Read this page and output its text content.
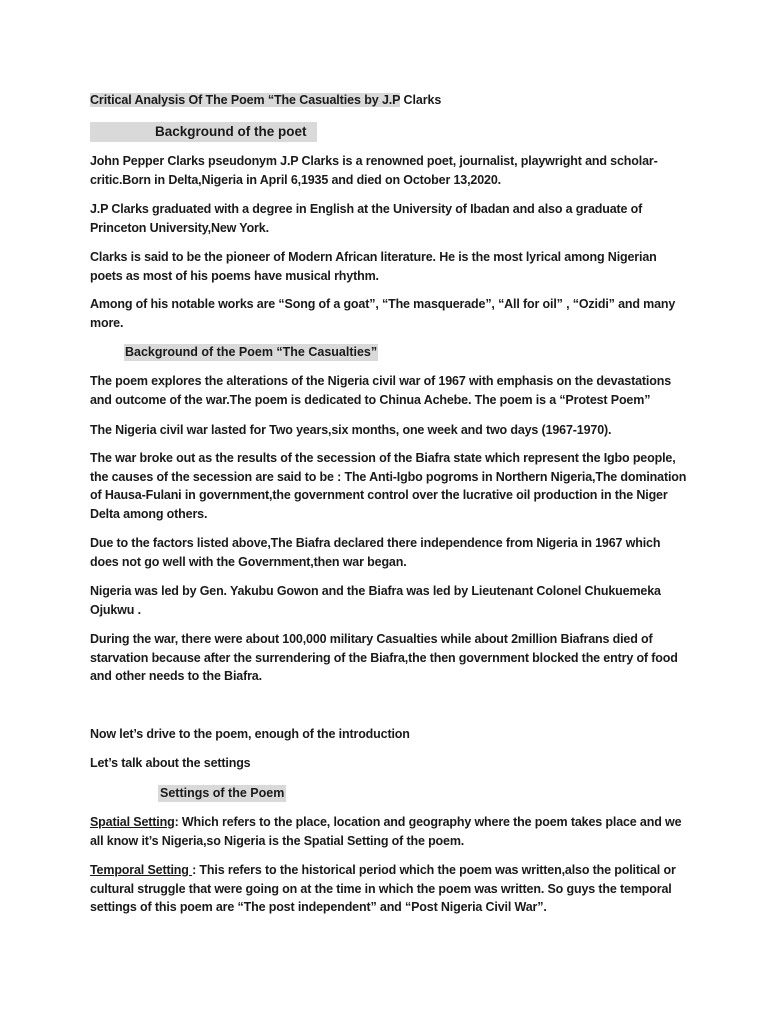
Critical Analysis Of The Poem “The Casualties by J.P Clarks
Background of the poet

John Pepper Clarks pseudonym J.P Clarks is a renowned poet, journalist, playwright and scholar-critic.Born in Delta,Nigeria in April 6,1935 and died on October 13,2020.

J.P Clarks graduated with a degree in English at the University of Ibadan and also a graduate of Princeton University,New York.

Clarks is said to be the pioneer of Modern African literature. He is the most lyrical among Nigerian poets as most of his poems have musical rhythm.

Among of his notable works are “Song of a goat”, “The masquerade”, “All for oil” , “Ozidi” and many more.

Background of the Poem “The Casualties”

The poem explores the alterations of the Nigeria civil war of 1967 with emphasis on the devastations and outcome of the war.The poem is dedicated to Chinua Achebe. The poem is a “Protest Poem”

The Nigeria civil war lasted for Two years,six months, one week and two days (1967-1970).

The war broke out as the results of the secession of the Biafra state which represent the Igbo people, the causes of the secession are said to be : The Anti-Igbo pogroms in Northern Nigeria,The domination of Hausa-Fulani in government,the government control over the lucrative oil production in the Niger Delta among others.

Due to the factors listed above,The Biafra declared there independence from Nigeria in 1967 which does not go well with the Government,then war began.

Nigeria was led by Gen. Yakubu Gowon and the Biafra was led by Lieutenant Colonel Chukuemeka Ojukwu .

During the war, there were about 100,000 military Casualties while about 2million Biafrans died of starvation because after the surrendering of the Biafra,the then government blocked the entry of food and other needs to the Biafra.

Now let’s drive to the poem, enough of the introduction

Let’s talk about the settings

Settings of the Poem

Spatial Setting: Which refers to the place, location and geography where the poem takes place and we all know it’s Nigeria,so Nigeria is the Spatial Setting of the poem.

Temporal Setting : This refers to the historical period which the poem was written,also the political or cultural struggle that were going on at the time in which the poem was written. So guys the temporal settings of this poem are “The post independent” and “Post Nigeria Civil War”.
